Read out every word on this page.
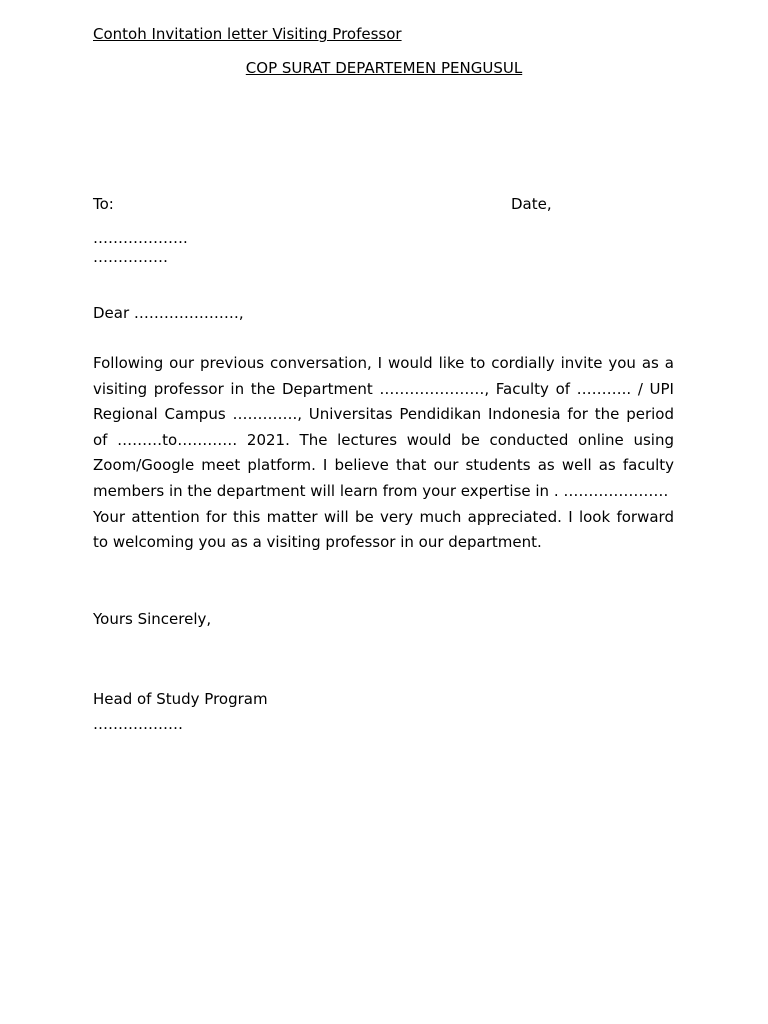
Contoh Invitation letter Visiting Professor
COP SURAT DEPARTEMEN PENGUSUL
To:	Date,
……………….
……………
Dear …………………,

Following our previous conversation, I would like to cordially invite you as a visiting professor in the Department …………………, Faculty of ……….. / UPI Regional Campus …………., Universitas Pendidikan Indonesia for the period of ………to………… 2021. The lectures would be conducted online using Zoom/Google meet platform. I believe that our students as well as faculty members in the department will learn from your expertise in . …………………

Your attention for this matter will be very much appreciated. I look forward to welcoming you as a visiting professor in our department.

Yours Sincerely,
Head of Study Program
………………
